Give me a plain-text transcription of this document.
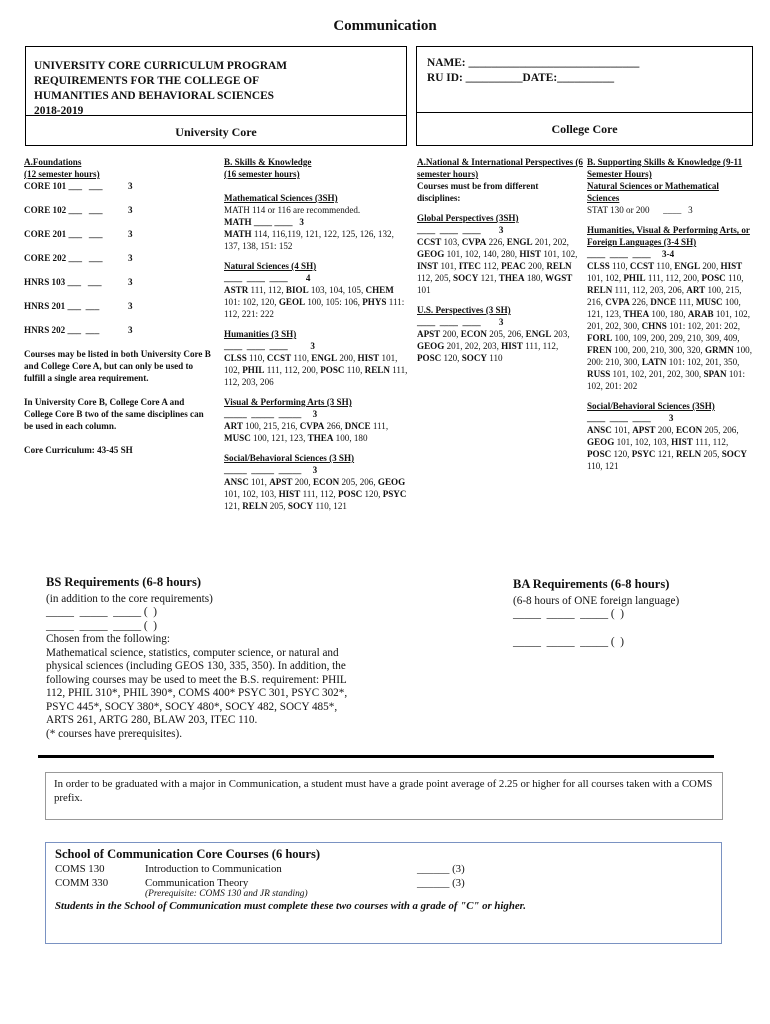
Communication
UNIVERSITY CORE CURRICULUM PROGRAM
REQUIREMENTS FOR THE COLLEGE OF
HUMANITIES AND BEHAVIORAL SCIENCES
2018-2019
University Core
NAME: ______________________________
RU ID: __________DATE:__________
College Core
A.Foundations
(12 semester hours)
CORE 101 ___   ___	3
CORE 102 ___   ___	3
CORE 201 ___   ___	3
CORE 202 ___   ___	3
HNRS 103 ___   ___	3
HNRS 201 ___  ___	3
HNRS 202 ___  ___	3
Courses may be listed in both University Core B and College Core A, but can only be used to fulfill a single area requirement.
In University Core B, College Core A and College Core B two of the same disciplines can be used in each column.
Core Curriculum: 43-45 SH
B. Skills & Knowledge
(16 semester hours)
Mathematical Sciences (3SH)
MATH 114 or 116 are recommended.
MATH ____ ____   3
MATH 114, 116,119, 121, 122, 125, 126, 132, 137, 138, 151: 152
Natural Sciences (4 SH)
____  ____  ____        4
ASTR 111, 112, BIOL 103, 104, 105, CHEM 101: 102, 120, GEOL 100, 105: 106, PHYS 111: 112, 221: 222
Humanities (3 SH)
____  ____  ____          3
CLSS 110, CCST 110, ENGL 200, HIST 101, 102, PHIL 111, 112, 200, POSC 110, RELN 111, 112, 203, 206
Visual & Performing Arts (3 SH)
_____  _____  _____     3
ART 100, 215, 216, CVPA 266, DNCE 111, MUSC 100, 121, 123, THEA 100, 180
Social/Behavioral Sciences (3 SH)
_____  _____  _____     3
ANSC 101, APST 200, ECON 205, 206, GEOG 101, 102, 103, HIST 111, 112, POSC 120, PSYC 121, RELN 205, SOCY 110, 121
A.National & International Perspectives (6 semester hours)
Courses must be from different disciplines:
Global Perspectives (3SH)
____  ____  ____        3
CCST 103, CVPA 226, ENGL 201, 202, GEOG 101, 102, 140, 280, HIST 101, 102, INST 101, ITEC 112, PEAC 200, RELN 112, 205, SOCY 121, THEA 180, WGST 101
U.S. Perspectives (3 SH)
____  ____  ____        3
APST 200, ECON 205, 206, ENGL 203, GEOG 201, 202, 203, HIST 111, 112, POSC 120, SOCY 110
B. Supporting Skills & Knowledge (9-11 Semester Hours)
Natural Sciences or Mathematical Sciences
STAT 130 or 200      ____   3
Humanities, Visual & Performing Arts, or Foreign Languages (3-4 SH)
____  ____  ____     3-4
CLSS 110, CCST 110, ENGL 200, HIST 101, 102, PHIL 111, 112, 200, POSC 110, RELN 111, 112, 203, 206, ART 100, 215, 216, CVPA 226, DNCE 111, MUSC 100, 121, 123, THEA 100, 180, ARAB 101, 102, 201, 202, 300, CHNS 101: 102, 201: 202, FORL 100, 109, 200, 209, 210, 309, 409, FREN 100, 200, 210, 300, 320, GRMN 100, 200: 210, 300, LATN 101: 102, 201, 350, RUSS 101, 102, 201, 202, 300, SPAN 101: 102, 201: 202
Social/Behavioral Sciences (3SH)
____  ____  ____        3
ANSC 101, APST 200, ECON 205, 206, GEOG 101, 102, 103, HIST 111, 112, POSC 120, PSYC 121, RELN 205, SOCY 110, 121
BS Requirements (6-8 hours)
(in addition to the core requirements)
_____  _____  _____ (  )
_____  _____  _____ (  )
Chosen from the following:
Mathematical science, statistics, computer science, or natural and physical sciences (including GEOS 130, 335, 350). In addition, the following courses may be used to meet the B.S. requirement: PHIL 112, PHIL 310*, PHIL 390*, COMS 400* PSYC 301, PSYC 302*, PSYC 445*, SOCY 380*, SOCY 480*, SOCY 482, SOCY 485*, ARTS 261, ARTG 280, BLAW 203, ITEC 110.
(* courses have prerequisites).
BA Requirements (6-8 hours)
(6-8 hours of ONE foreign language)
_____  _____  _____ (  )
_____  _____  _____ (  )
In order to be graduated with a major in Communication, a student must have a grade point average of 2.25 or higher for all courses taken with a COMS prefix.
School of Communication Core Courses (6 hours)
COMS 130	Introduction to Communication	______ (3)
COMM 330	Communication Theory	______ (3)
(Prerequisite: COMS 130 and JR standing)
Students in the School of Communication must complete these two courses with a grade of "C" or higher.
